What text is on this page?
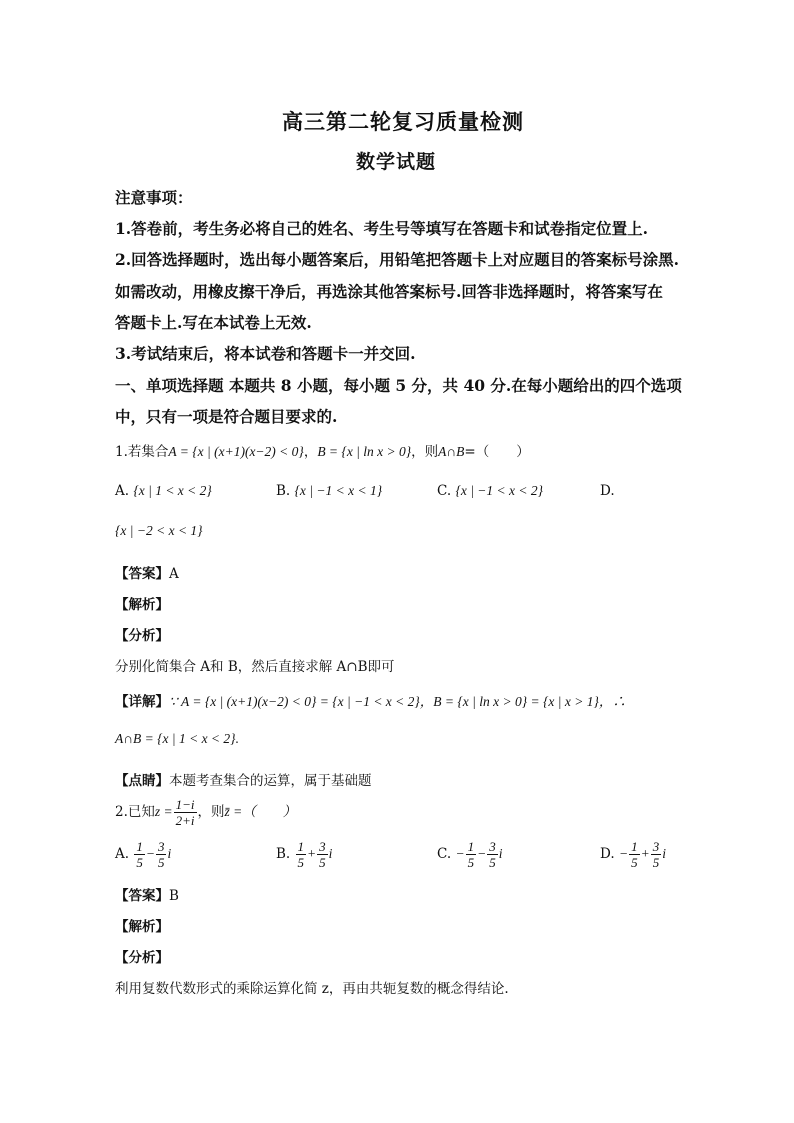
高三第二轮复习质量检测
数学试题
注意事项：
1.答卷前，考生务必将自己的姓名、考生号等填写在答题卡和试卷指定位置上.
2.回答选择题时，选出每小题答案后，用铅笔把答题卡上对应题目的答案标号涂黑.
如需改动，用橡皮擦干净后，再选涂其他答案标号.回答非选择题时，将答案写在
答题卡上.写在本试卷上无效.
3.考试结束后，将本试卷和答题卡一并交回.
一、单项选择题 本题共 8 小题，每小题 5 分，共 40 分.在每小题给出的四个选项
中，只有一项是符合题目要求的.
1.若集合A = {x | (x+1)(x−2) < 0}，B = {x | ln x > 0}，则A∩B=（　　）
A. {x | 1 < x < 2}	B. {x | −1 < x < 1}	C. {x | −1 < x < 2}	D.
{x | −2 < x < 1}
【答案】A
【解析】
【分析】
分别化简集合 A和 B，然后直接求解 A∩B即可
【详解】∵ A = {x | (x+1)(x−2) < 0} = {x | −1 < x < 2}，B = {x | ln x > 0} = {x | x > 1}，∴
A∩B = {x | 1 < x < 2}.
【点睛】本题考查集合的运算，属于基础题
2.已知$z = \frac{1-i}{2+i}$ ，则z̄ =（　　）
A. $\frac{1}{5} - \frac{3}{5}$ i	B. $\frac{1}{5} + \frac{3}{5}$ i	C. − $\frac{1}{5} - \frac{3}{5}$ i	D. − $\frac{1}{5} + \frac{3}{5}$ i
【答案】B
【解析】
【分析】
利用复数代数形式的乘除运算化简 z，再由共轭复数的概念得结论.
